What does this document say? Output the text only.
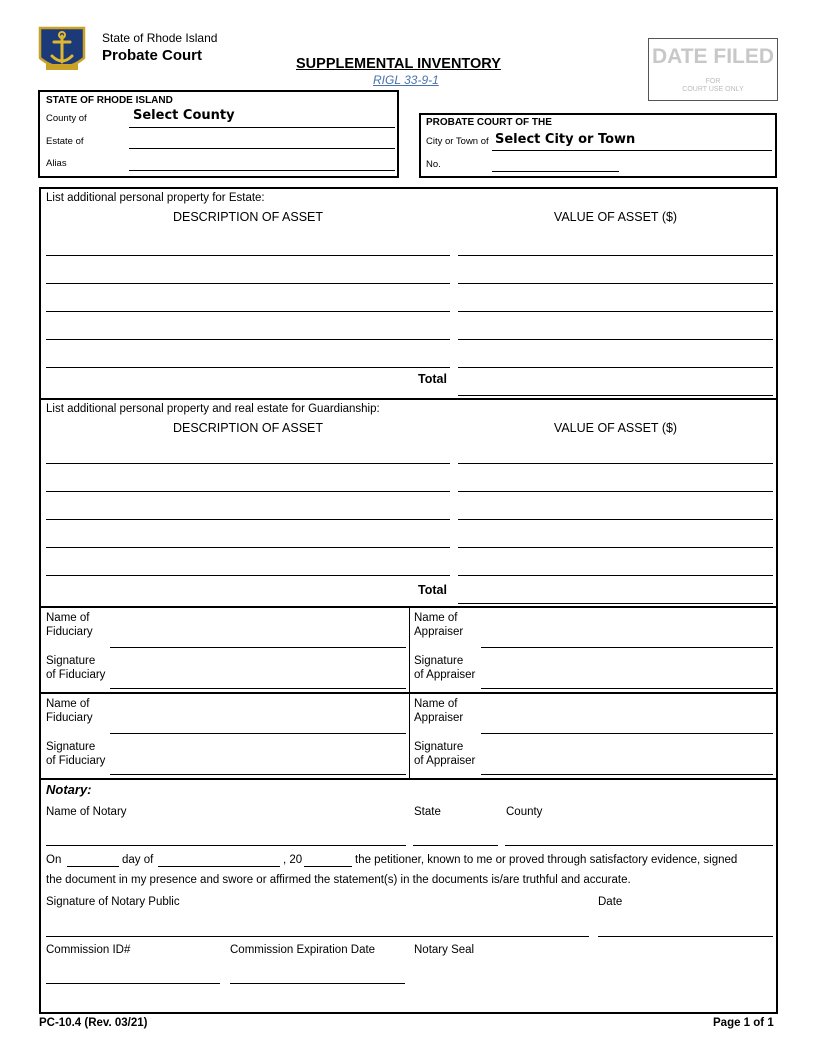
State of Rhode Island
Probate Court	SUPPLEMENTAL INVENTORY
RIGL 33-9-1
DATE FILED
FOR
COURT USE ONLY
STATE OF RHODE ISLAND
County of	Select County
Estate of
Alias
PROBATE COURT OF THE
City or Town of Select City or Town
No.
List additional personal property for Estate:
DESCRIPTION OF ASSET	VALUE OF ASSET ($)
Total
List additional personal property and real estate for Guardianship:
DESCRIPTION OF ASSET	VALUE OF ASSET ($)
Total
Name of
Fiduciary
Name of
Appraiser
Signature
of Fiduciary
Signature
of Appraiser
Name of
Fiduciary
Name of
Appraiser
Signature
of Fiduciary
Signature
of Appraiser
Notary:
Name of Notary	State	County
On	day of	, 20	the petitioner, known to me or proved through satisfactory evidence, signed
the document in my presence and swore or affirmed the statement(s) in the documents is/are truthful and accurate.
Signature of Notary Public	Date
Commission ID#	Commission Expiration Date	Notary Seal
PC-10.4 (Rev. 03/21)	Page 1 of 1
